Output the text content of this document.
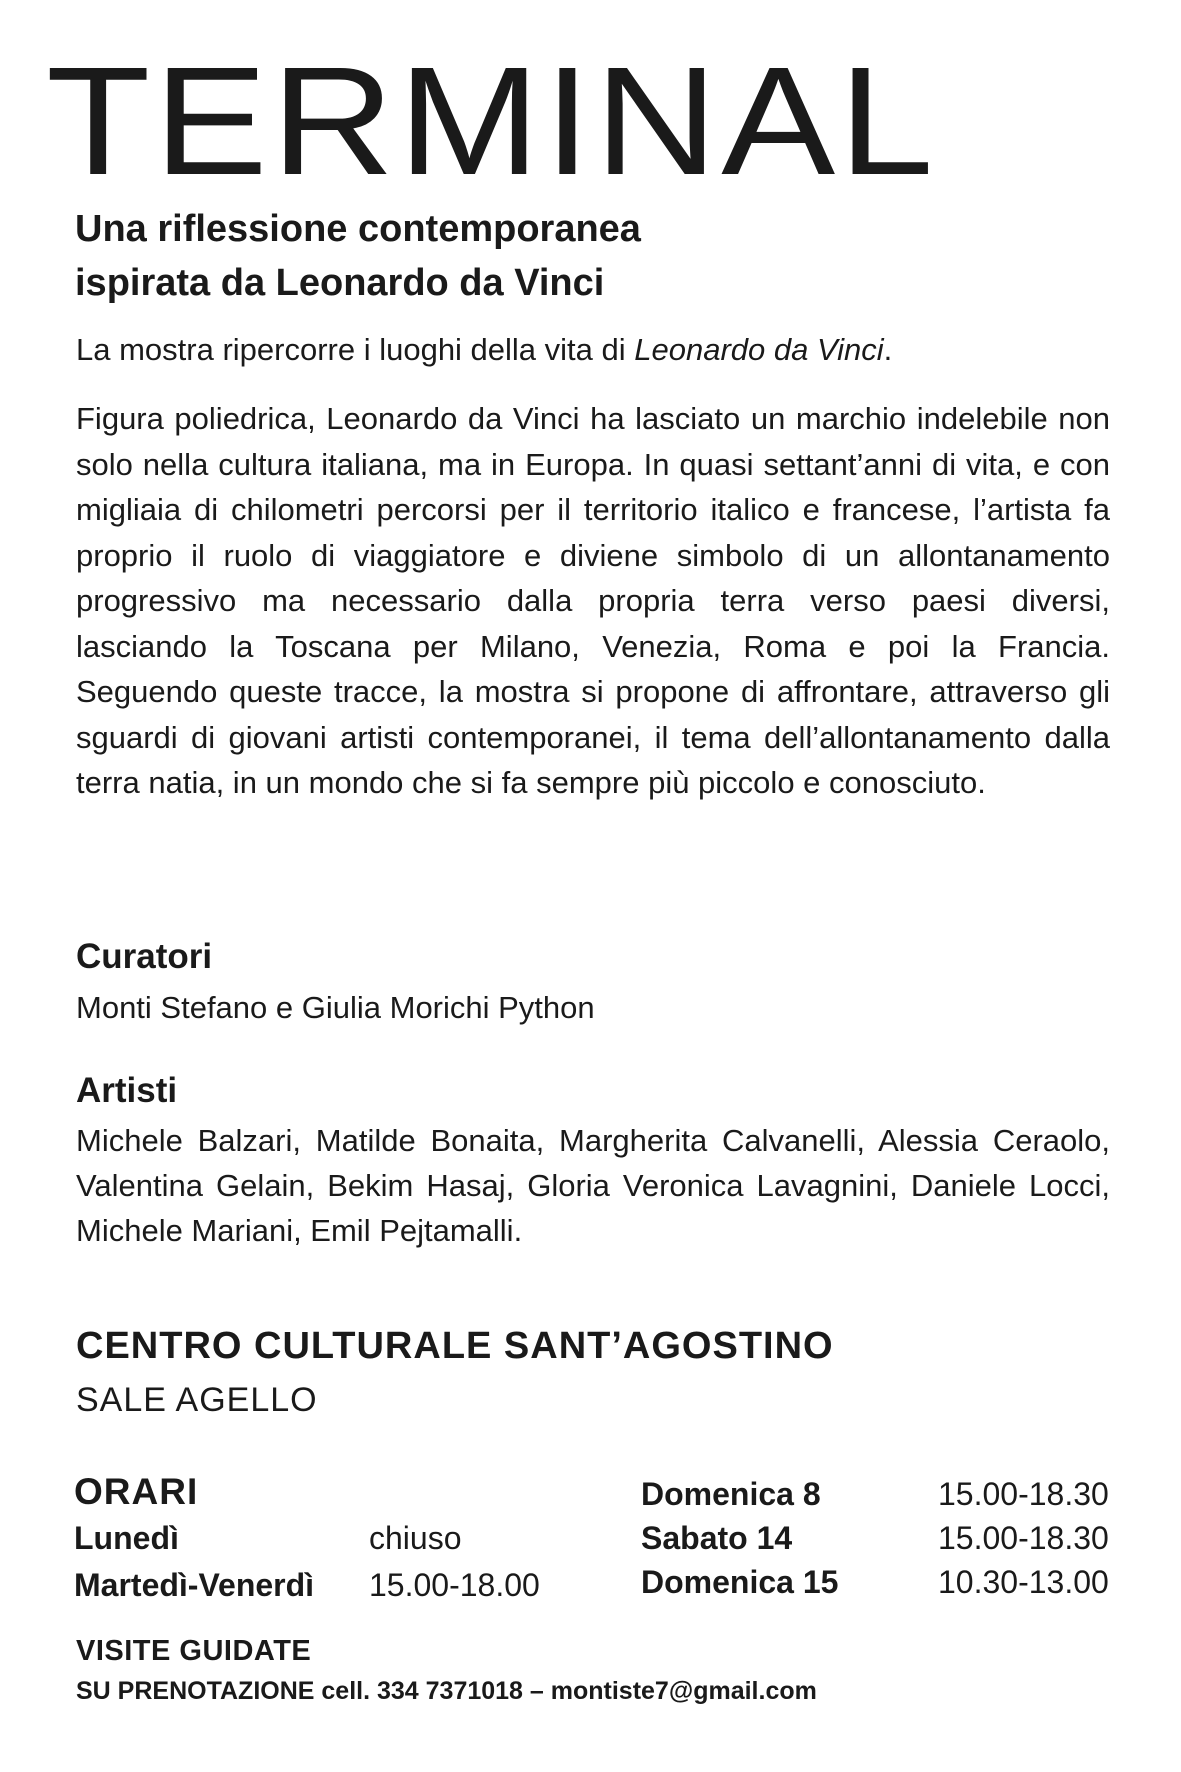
TERMINAL
Una riflessione contemporanea
ispirata da Leonardo da Vinci

La mostra ripercorre i luoghi della vita di Leonardo da Vinci.

Figura poliedrica, Leonardo da Vinci ha lasciato un marchio indelebile non solo nella cultura italiana, ma in Europa. In quasi settant’anni di vita, e con migliaia di chilometri percorsi per il territorio italico e francese, l’artista fa proprio il ruolo di viaggiatore e diviene simbolo di un allontanamento progressivo ma necessario dalla propria terra verso paesi diversi, lasciando la Toscana per Milano, Venezia, Roma e poi la Francia. Seguendo queste tracce, la mostra si propone di affrontare, attraverso gli sguardi di giovani artisti contemporanei, il tema dell’allontanamento dalla terra natia, in un mondo che si fa sempre più piccolo e conosciuto.

Curatori

Monti Stefano e Giulia Morichi Python

Artisti

Michele Balzari, Matilde Bonaita, Margherita Calvanelli, Alessia Ceraolo, Valentina Gelain, Bekim Hasaj, Gloria Veronica Lavagnini, Daniele Locci, Michele Mariani, Emil Pejtamalli.

CENTRO CULTURALE SANT’AGOSTINO
SALE AGELLO
ORARI
Lunedì	chiuso
Martedì-Venerdì 15.00-18.00
Domenica 8	15.00-18.30
Sabato 14	15.00-18.30
Domenica 15	10.30-13.00
VISITE GUIDATE

SU PRENOTAZIONE cell. 334 7371018 – montiste7@gmail.com
